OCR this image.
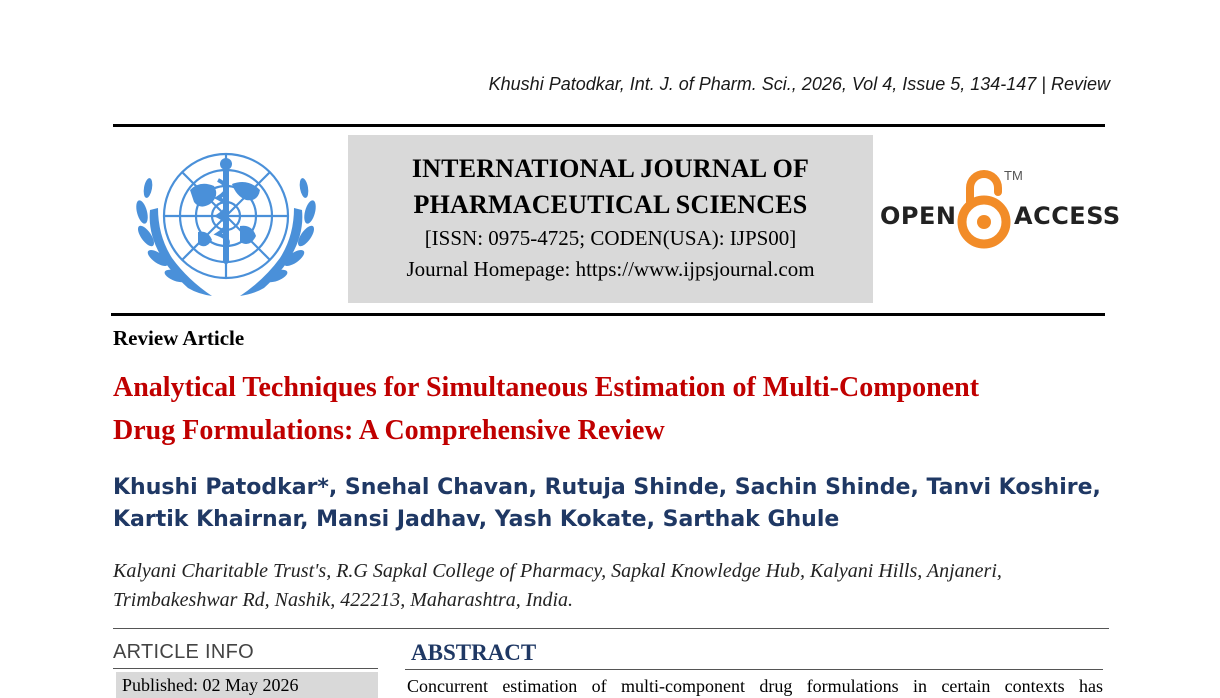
Khushi Patodkar, Int. J. of Pharm. Sci., 2026, Vol 4, Issue 5, 134-147 | Review
INTERNATIONAL JOURNAL OF
PHARMACEUTICAL SCIENCES
[ISSN: 0975-4725; CODEN(USA): IJPS00]
Journal Homepage: https://www.ijpsjournal.com
OPEN
TM
ACCESS
Review Article
Analytical Techniques for Simultaneous Estimation of Multi-Component
Drug Formulations: A Comprehensive Review
Khushi Patodkar*, Snehal Chavan, Rutuja Shinde, Sachin Shinde, Tanvi Koshire,
Kartik Khairnar, Mansi Jadhav, Yash Kokate, Sarthak Ghule
Kalyani Charitable Trust's, R.G Sapkal College of Pharmacy, Sapkal Knowledge Hub, Kalyani Hills, Anjaneri,
Trimbakeshwar Rd, Nashik, 422213, Maharashtra, India.
ARTICLE INFO
Published: 02 May 2026
ABSTRACT
Concurrent estimation of multi-component drug formulations in certain contexts has
